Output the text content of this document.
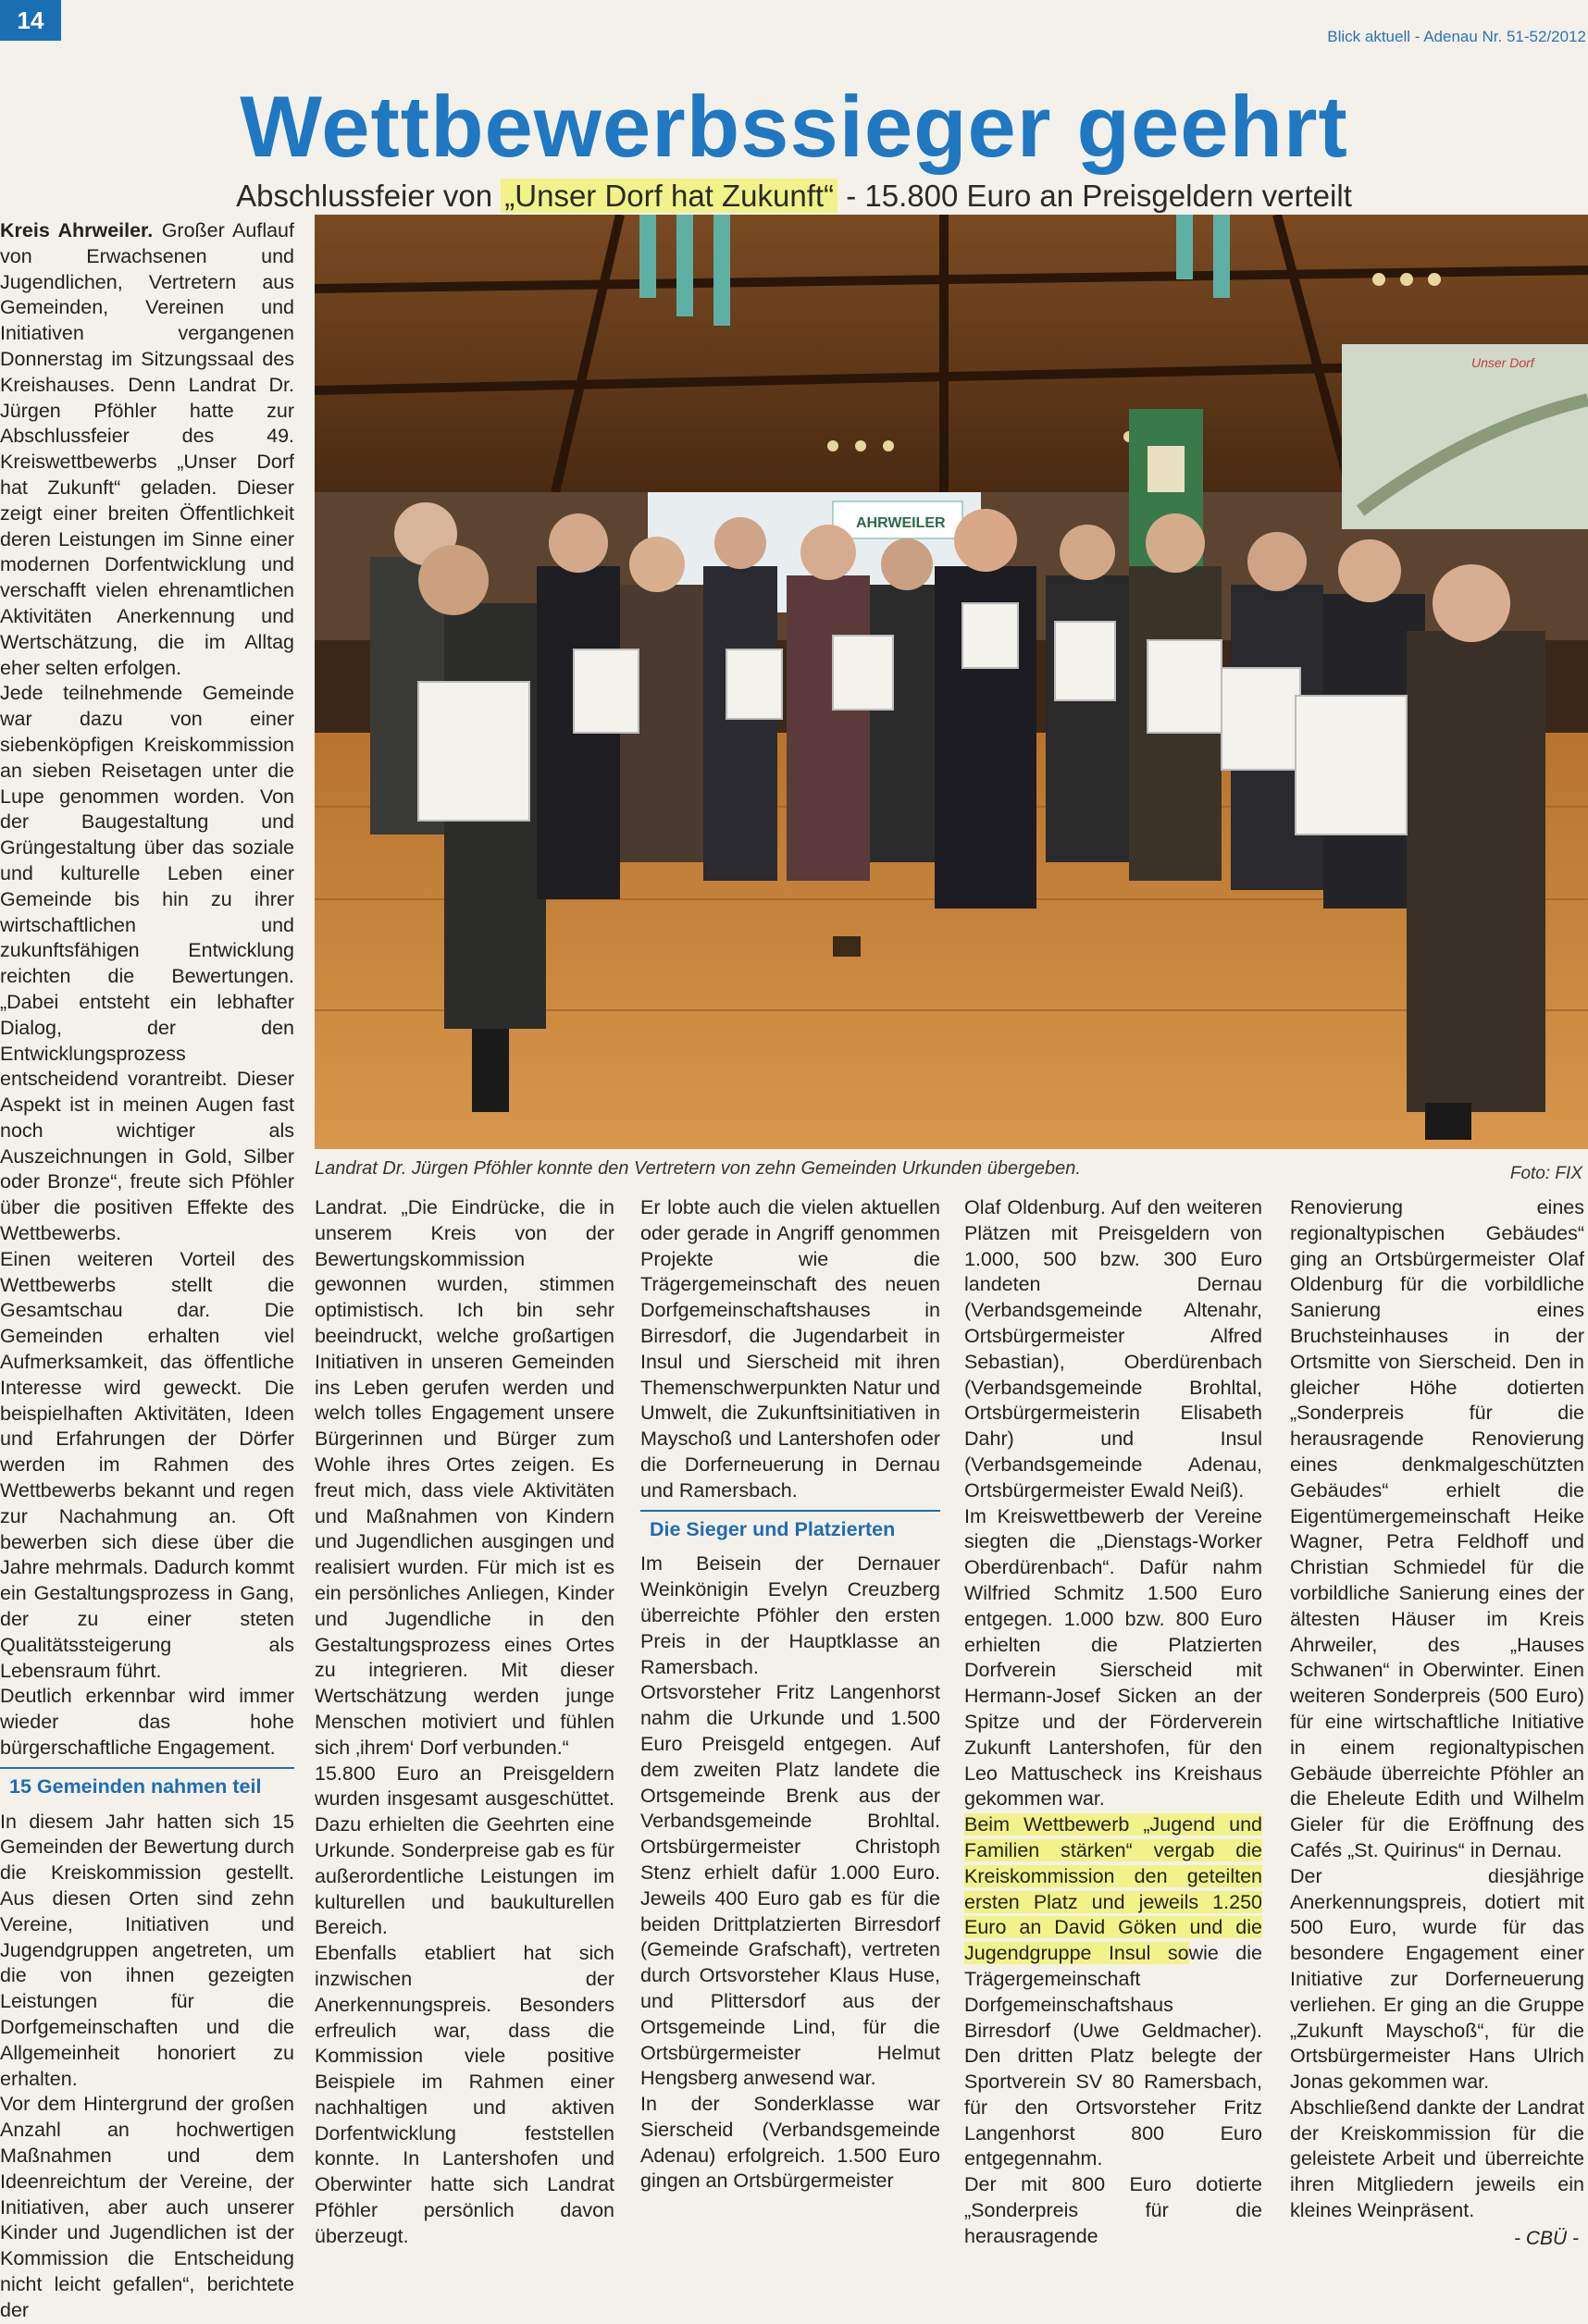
14
Blick aktuell - Adenau Nr. 51-52/2012
Wettbewerbssieger geehrt
Abschlussfeier von „Unser Dorf hat Zukunft“ - 15.800 Euro an Preisgeldern verteilt

Kreis Ahrweiler. Großer Auflauf von Erwachsenen und Jugendlichen, Vertretern aus Gemeinden, Vereinen und Initiativen vergangenen Donnerstag im Sitzungssaal des Kreishauses. Denn Landrat Dr. Jürgen Pföhler hatte zur Abschlussfeier des 49. Kreiswettbewerbs „Unser Dorf hat Zukunft“ geladen. Dieser zeigt einer breiten Öffentlichkeit deren Leistungen im Sinne einer modernen Dorfentwicklung und verschafft vielen ehrenamtlichen Aktivitäten Anerkennung und Wertschätzung, die im Alltag eher selten erfolgen.

Jede teilnehmende Gemeinde war dazu von einer siebenköpfigen Kreiskommission an sieben Reisetagen unter die Lupe genommen worden. Von der Baugestaltung und Grüngestaltung über das soziale und kulturelle Leben einer Gemeinde bis hin zu ihrer wirtschaftlichen und zukunftsfähigen Entwicklung reichten die Bewertungen. „Dabei entsteht ein lebhafter Dialog, der den Entwicklungsprozess entscheidend vorantreibt. Dieser Aspekt ist in meinen Augen fast noch wichtiger als Auszeichnungen in Gold, Silber oder Bronze“, freute sich Pföhler über die positiven Effekte des Wettbewerbs.

Einen weiteren Vorteil des Wettbewerbs stellt die Gesamtschau dar. Die Gemeinden erhalten viel Aufmerksamkeit, das öffentliche Interesse wird geweckt. Die beispielhaften Aktivitäten, Ideen und Erfahrungen der Dörfer werden im Rahmen des Wettbewerbs bekannt und regen zur Nachahmung an. Oft bewerben sich diese über die Jahre mehrmals. Dadurch kommt ein Gestaltungsprozess in Gang, der zu einer steten Qualitätssteigerung als Lebensraum führt.

Deutlich erkennbar wird immer wieder das hohe bürgerschaftliche Engagement.

15 Gemeinden nahmen teil

In diesem Jahr hatten sich 15 Gemeinden der Bewertung durch die Kreiskommission gestellt. Aus diesen Orten sind zehn Vereine, Initiativen und Jugendgruppen angetreten, um die von ihnen gezeigten Leistungen für die Dorfgemeinschaften und die Allgemeinheit honoriert zu erhalten.

Vor dem Hintergrund der großen Anzahl an hochwertigen Maßnahmen und dem Ideenreichtum der Vereine, der Initiativen, aber auch unserer Kinder und Jugendlichen ist der Kommission die Entscheidung nicht leicht gefallen“, berichtete der

AHRWEILER
Unser Dorf
Landrat Dr. Jürgen Pföhler konnte den Vertretern von zehn Gemeinden Urkunden übergeben.	Foto: FIX

Landrat. „Die Eindrücke, die in unserem Kreis von der Bewertungskommission gewonnen wurden, stimmen optimistisch. Ich bin sehr beeindruckt, welche großartigen Initiativen in unseren Gemeinden ins Leben gerufen werden und welch tolles Engagement unsere Bürgerinnen und Bürger zum Wohle ihres Ortes zeigen. Es freut mich, dass viele Aktivitäten und Maßnahmen von Kindern und Jugendlichen ausgingen und realisiert wurden. Für mich ist es ein persönliches Anliegen, Kinder und Jugendliche in den Gestaltungsprozess eines Ortes zu integrieren. Mit dieser Wertschätzung werden junge Menschen motiviert und fühlen sich ‚ihrem‘ Dorf verbunden.“

15.800 Euro an Preisgeldern wurden insgesamt ausgeschüttet. Dazu erhielten die Geehrten eine Urkunde. Sonderpreise gab es für außerordentliche Leistungen im kulturellen und baukulturellen Bereich.

Ebenfalls etabliert hat sich inzwischen der Anerkennungspreis. Besonders erfreulich war, dass die Kommission viele positive Beispiele im Rahmen einer nachhaltigen und aktiven Dorfentwicklung feststellen konnte. In Lantershofen und Oberwinter hatte sich Landrat Pföhler persönlich davon überzeugt.

Er lobte auch die vielen aktuellen oder gerade in Angriff genommen Projekte wie die Trägergemeinschaft des neuen Dorfgemeinschaftshauses in Birresdorf, die Jugendarbeit in Insul und Sierscheid mit ihren Themenschwerpunkten Natur und Umwelt, die Zukunftsinitiativen in Mayschoß und Lantershofen oder die Dorferneuerung in Dernau und Ramersbach.

Die Sieger und Platzierten

Im Beisein der Dernauer Weinkönigin Evelyn Creuzberg überreichte Pföhler den ersten Preis in der Hauptklasse an Ramersbach.

Ortsvorsteher Fritz Langenhorst nahm die Urkunde und 1.500 Euro Preisgeld entgegen. Auf dem zweiten Platz landete die Ortsgemeinde Brenk aus der Verbandsgemeinde Brohltal. Ortsbürgermeister Christoph Stenz erhielt dafür 1.000 Euro. Jeweils 400 Euro gab es für die beiden Drittplatzierten Birresdorf (Gemeinde Grafschaft), vertreten durch Ortsvorsteher Klaus Huse, und Plittersdorf aus der Ortsgemeinde Lind, für die Ortsbürgermeister Helmut Hengsberg anwesend war.

In der Sonderklasse war Sierscheid (Verbandsgemeinde Adenau) erfolgreich. 1.500 Euro gingen an Ortsbürgermeister

Olaf Oldenburg. Auf den weiteren Plätzen mit Preisgeldern von 1.000, 500 bzw. 300 Euro landeten Dernau (Verbandsgemeinde Altenahr, Ortsbürgermeister Alfred Sebastian), Oberdürenbach (Verbandsgemeinde Brohltal, Ortsbürgermeisterin Elisabeth Dahr) und Insul (Verbandsgemeinde Adenau, Ortsbürgermeister Ewald Neiß).

Im Kreiswettbewerb der Vereine siegten die „Dienstags-Worker Oberdürenbach“. Dafür nahm Wilfried Schmitz 1.500 Euro entgegen. 1.000 bzw. 800 Euro erhielten die Platzierten Dorfverein Sierscheid mit Hermann-Josef Sicken an der Spitze und der Förderverein Zukunft Lantershofen, für den Leo Mattuscheck ins Kreishaus gekommen war.

Beim Wettbewerb „Jugend und Familien stärken“ vergab die Kreiskommission den geteilten ersten Platz und jeweils 1.250 Euro an David Göken und die Jugendgruppe Insul sowie die Trägergemeinschaft Dorfgemeinschaftshaus Birresdorf (Uwe Geldmacher). Den dritten Platz belegte der Sportverein SV 80 Ramersbach, für den Ortsvorsteher Fritz Langenhorst 800 Euro entgegennahm.

Der mit 800 Euro dotierte „Sonderpreis für die herausragende

Renovierung eines regionaltypischen Gebäudes“ ging an Ortsbürgermeister Olaf Oldenburg für die vorbildliche Sanierung eines Bruchsteinhauses in der Ortsmitte von Sierscheid. Den in gleicher Höhe dotierten „Sonderpreis für die herausragende Renovierung eines denkmalgeschützten Gebäudes“ erhielt die Eigentümergemeinschaft Heike Wagner, Petra Feldhoff und Christian Schmiedel für die vorbildliche Sanierung eines der ältesten Häuser im Kreis Ahrweiler, des „Hauses Schwanen“ in Oberwinter. Einen weiteren Sonderpreis (500 Euro) für eine wirtschaftliche Initiative in einem regionaltypischen Gebäude überreichte Pföhler an die Eheleute Edith und Wilhelm Gieler für die Eröffnung des Cafés „St. Quirinus“ in Dernau.

Der diesjährige Anerkennungspreis, dotiert mit 500 Euro, wurde für das besondere Engagement einer Initiative zur Dorferneuerung verliehen. Er ging an die Gruppe „Zukunft Mayschoß“, für die Ortsbürgermeister Hans Ulrich Jonas gekommen war.

Abschließend dankte der Landrat der Kreiskommission für die geleistete Arbeit und überreichte ihren Mitgliedern jeweils ein kleines Weinpräsent.

- CBÜ -
